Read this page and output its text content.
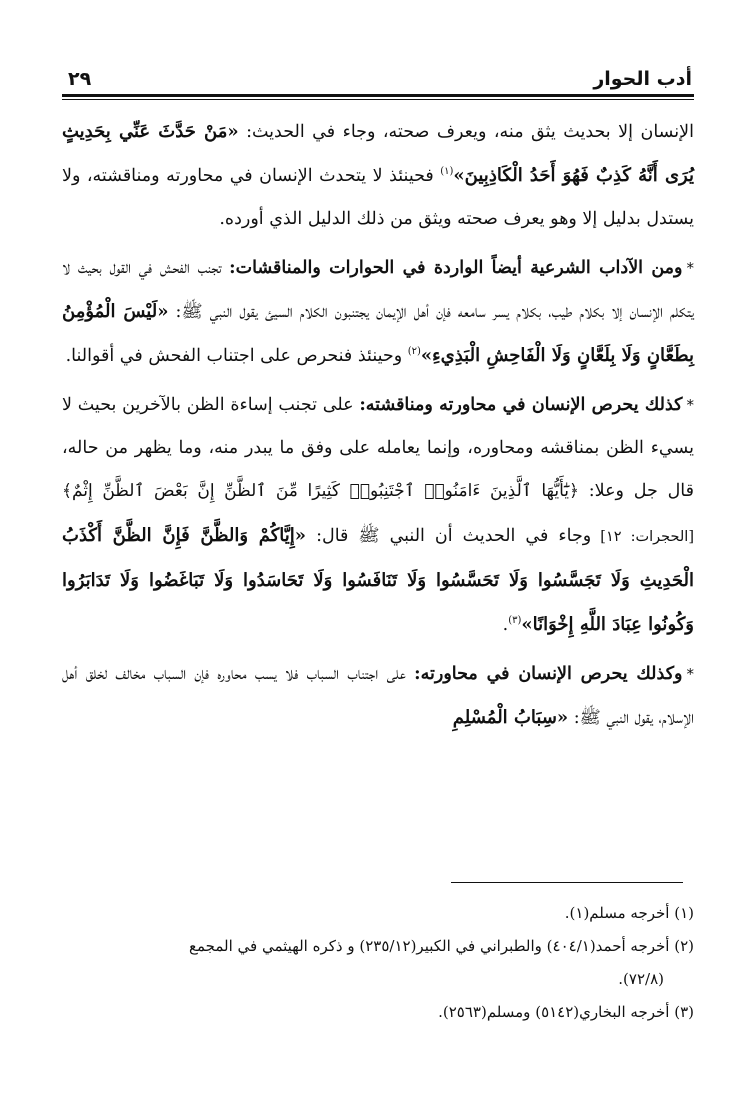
أدب الحوار
٢٩

الإنسان إلا بحديث يثق منه، ويعرف صحته، وجاء في الحديث: «مَنْ حَدَّثَ عَنِّي بِحَدِيثٍ يُرَى أَنَّهُ كَذِبٌ فَهُوَ أَحَدُ الْكَاذِبِينَ»$^{(١)}$ فحينئذ لا يتحدث الإنسان في محاورته ومناقشته، ولا يستدل بدليل إلا وهو يعرف صحته ويثق من ذلك الدليل الذي أورده.

*ومن الآداب الشرعية أيضاً الواردة في الحوارات والمناقشات: تجنب الفحش في القول بحيث لا يتكلم الإنسان إلا بكلام طيب، بكلام يسر سامعه فإن أهل الإيمان يجتنبون الكلام السيئ يقول النبي ﷺ: «لَيْسَ الْمُؤْمِنُ بِطَعَّانٍ وَلَا بِلَعَّانٍ وَلَا الْفَاحِشِ الْبَذِيءِ»$^{(٢)}$ وحينئذ فنحرص على اجتناب الفحش في أقوالنا.

*كذلك يحرص الإنسان في محاورته ومناقشته: على تجنب إساءة الظن بالآخرين بحيث لا يسيء الظن بمناقشه ومحاوره، وإنما يعامله على وفق ما يبدر منه، وما يظهر من حاله، قال جل وعلا: ﴿يَٰٓأَيُّهَا ٱلَّذِينَ ءَامَنُوا۟ ٱجْتَنِبُوا۟ كَثِيرًا مِّنَ ٱلظَّنِّ إِنَّ بَعْضَ ٱلظَّنِّ إِثْمٌ﴾ [الحجرات: ١٢] وجاء في الحديث أن النبي ﷺ قال: «إِيَّاكُمْ وَالظَّنَّ فَإِنَّ الظَّنَّ أَكْذَبُ الْحَدِيثِ وَلَا تَجَسَّسُوا وَلَا تَحَسَّسُوا وَلَا تَنَافَسُوا وَلَا تَحَاسَدُوا وَلَا تَبَاغَضُوا وَلَا تَدَابَرُوا وَكُونُوا عِبَادَ اللَّهِ إِخْوَانًا»$^{(٣)}$.

*وكذلك يحرص الإنسان في محاورته: على اجتناب السباب فلا يسب محاوره فإن السباب مخالف لخلق أهل الإسلام، يقول النبي ﷺ: «سِبَابُ الْمُسْلِمِ

(١) أخرجه مسلم(١).

(٢) أخرجه أحمد(٤٠٤/١) والطبراني في الكبير(٢٣٥/١٢) و ذكره الهيثمي في المجمع

(٧٢/٨).

(٣) أخرجه البخاري(٥١٤٢) ومسلم(٢٥٦٣).
